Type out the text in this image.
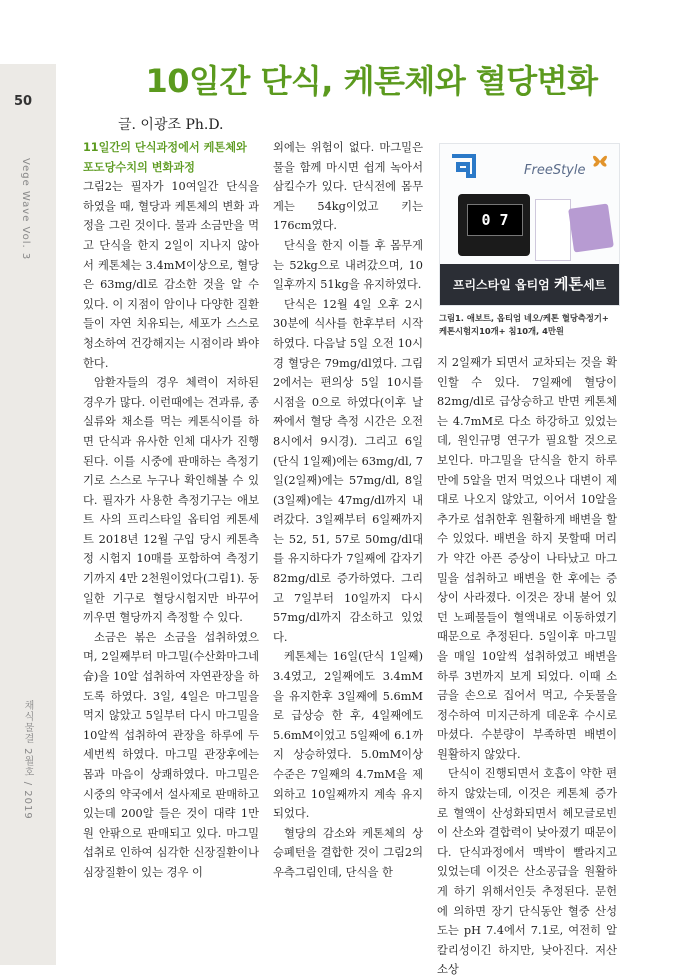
50
Vege Wave Vol. 3
채식물결 2월호 / 2019
10일간 단식, 케톤체와 혈당변화
글. 이광조 Ph.D.
11일간의 단식과정에서 케톤체와
포도당수치의 변화과정

그림2는 필자가 10여일간 단식을 하였을 때, 혈당과 케톤체의 변화 과정을 그린 것이다. 물과 소금만을 먹고 단식을 한지 2일이 지나지 않아서 케톤체는 3.4mM이상으로, 혈당은 63mg/dl로 감소한 것을 알 수 있다. 이 지점이 암이나 다양한 질환들이 자연 치유되는, 세포가 스스로 청소하여 건강해지는 시점이라 봐야 한다.

암환자들의 경우 체력이 저하된 경우가 많다. 이런때에는 견과류, 종실류와 채소를 먹는 케톤식이를 하면 단식과 유사한 인체 대사가 진행된다. 이를 시중에 판매하는 측정기기로 스스로 누구나 확인해볼 수 있다. 필자가 사용한 측정기구는 애보트 사의 프리스타일 옵티엄 케톤세트 2018년 12월 구입 당시 케톤측정 시험지 10매를 포함하여 측정기기까지 4만 2천원이었다(그림1). 동일한 기구로 혈당시험지만 바꾸어 끼우면 혈당까지 측정할 수 있다.

소금은 볶은 소금을 섭취하였으며, 2일째부터 마그밀(수산화마그네슘)을 10알 섭취하여 자연관장을 하도록 하였다. 3일, 4일은 마그밀을 먹지 않았고 5일부터 다시 마그밀을 10알씩 섭취하여 관장을 하루에 두세번씩 하였다. 마그밀 관장후에는 몸과 마음이 상쾌하였다. 마그밀은 시중의 약국에서 설사제로 판매하고 있는데 200알 들은 것이 대략 1만원 안팎으로 판매되고 있다. 마그밀섭취로 인하여 심각한 신장질환이나 심장질환이 있는 경우 이

외에는 위험이 없다. 마그밀은 물을 함께 마시면 쉽게 녹아서 삼킬수가 있다. 단식전에 몸무게는 54kg이었고 키는 176cm였다.

단식을 한지 이틀 후 몸무게는 52kg으로 내려갔으며, 10일후까지 51kg을 유지하였다.

단식은 12월 4일 오후 2시 30분에 식사를 한후부터 시작하였다. 다음날 5일 오전 10시경 혈당은 79mg/dl였다. 그림2에서는 편의상 5일 10시를 시점을 0으로 하였다(이후 날짜에서 혈당 측정 시간은 오전 8시에서 9시경). 그리고 6일(단식 1일째)에는 63mg/dl, 7일(2일째)에는 57mg/dl, 8일(3일째)에는 47mg/dl까지 내려갔다. 3일째부터 6일째까지는 52, 51, 57로 50mg/dl대를 유지하다가 7일째에 갑자기 82mg/dl로 증가하였다. 그리고 7일부터 10일까지 다시 57mg/dl까지 감소하고 있었다.

케톤체는 16일(단식 1일째) 3.4였고, 2일째에도 3.4mM을 유지한후 3일째에 5.6mM로 급상승 한 후, 4일째에도 5.6mM이었고 5일째에 6.1까지 상승하였다. 5.0mM이상 수준은 7일째의 4.7mM을 제외하고 10일째까지 계속 유지되었다.

혈당의 감소와 케톤체의 상승폐턴을 결합한 것이 그림2의 우측그림인데, 단식을 한

FreeStyle
0 7
프리스타일 옵티엄 케톤세트
그림1. 애보트, 옵티엄 네오/케톤 혈당측정기+
케톤시험지10개+ 침10개, 4만원

지 2일째가 되면서 교차되는 것을 확인할 수 있다. 7일째에 혈당이 82mg/dl로 급상승하고 반면 케톤체는 4.7mM로 다소 하강하고 있었는데, 원인규명 연구가 필요할 것으로 보인다. 마그밀을 단식을 한지 하루만에 5알을 먼저 먹었으나 대변이 제대로 나오지 않았고, 이어서 10알을 추가로 섭취한후 원활하게 배변을 할 수 있었다. 배변을 하지 못할때 머리가 약간 아픈 증상이 나타났고 마그밀을 섭취하고 배변을 한 후에는 증상이 사라졌다. 이것은 장내 붙어 있던 노폐물들이 혈액내로 이동하였기 때문으로 추정된다. 5일이후 마그밀을 매일 10알씩 섭취하였고 배변을 하루 3번까지 보게 되었다. 이때 소금을 손으로 집어서 먹고, 수돗물을 정수하여 미지근하게 데운후 수시로 마셨다. 수분량이 부족하면 배변이 원활하지 않았다.

단식이 진행되면서 호흡이 약한 편하지 않았는데, 이것은 케톤체 증가로 혈액이 산성화되면서 헤모글로빈이 산소와 결합력이 낮아졌기 때문이다. 단식과정에서 맥박이 빨라지고 있었는데 이것은 산소공급을 원활하게 하기 위해서인듯 추정된다. 문헌에 의하면 장기 단식동안 혈중 산성도는 pH 7.4에서 7.1로, 여전히 알칼리성이긴 하지만, 낮아진다. 저산소상
